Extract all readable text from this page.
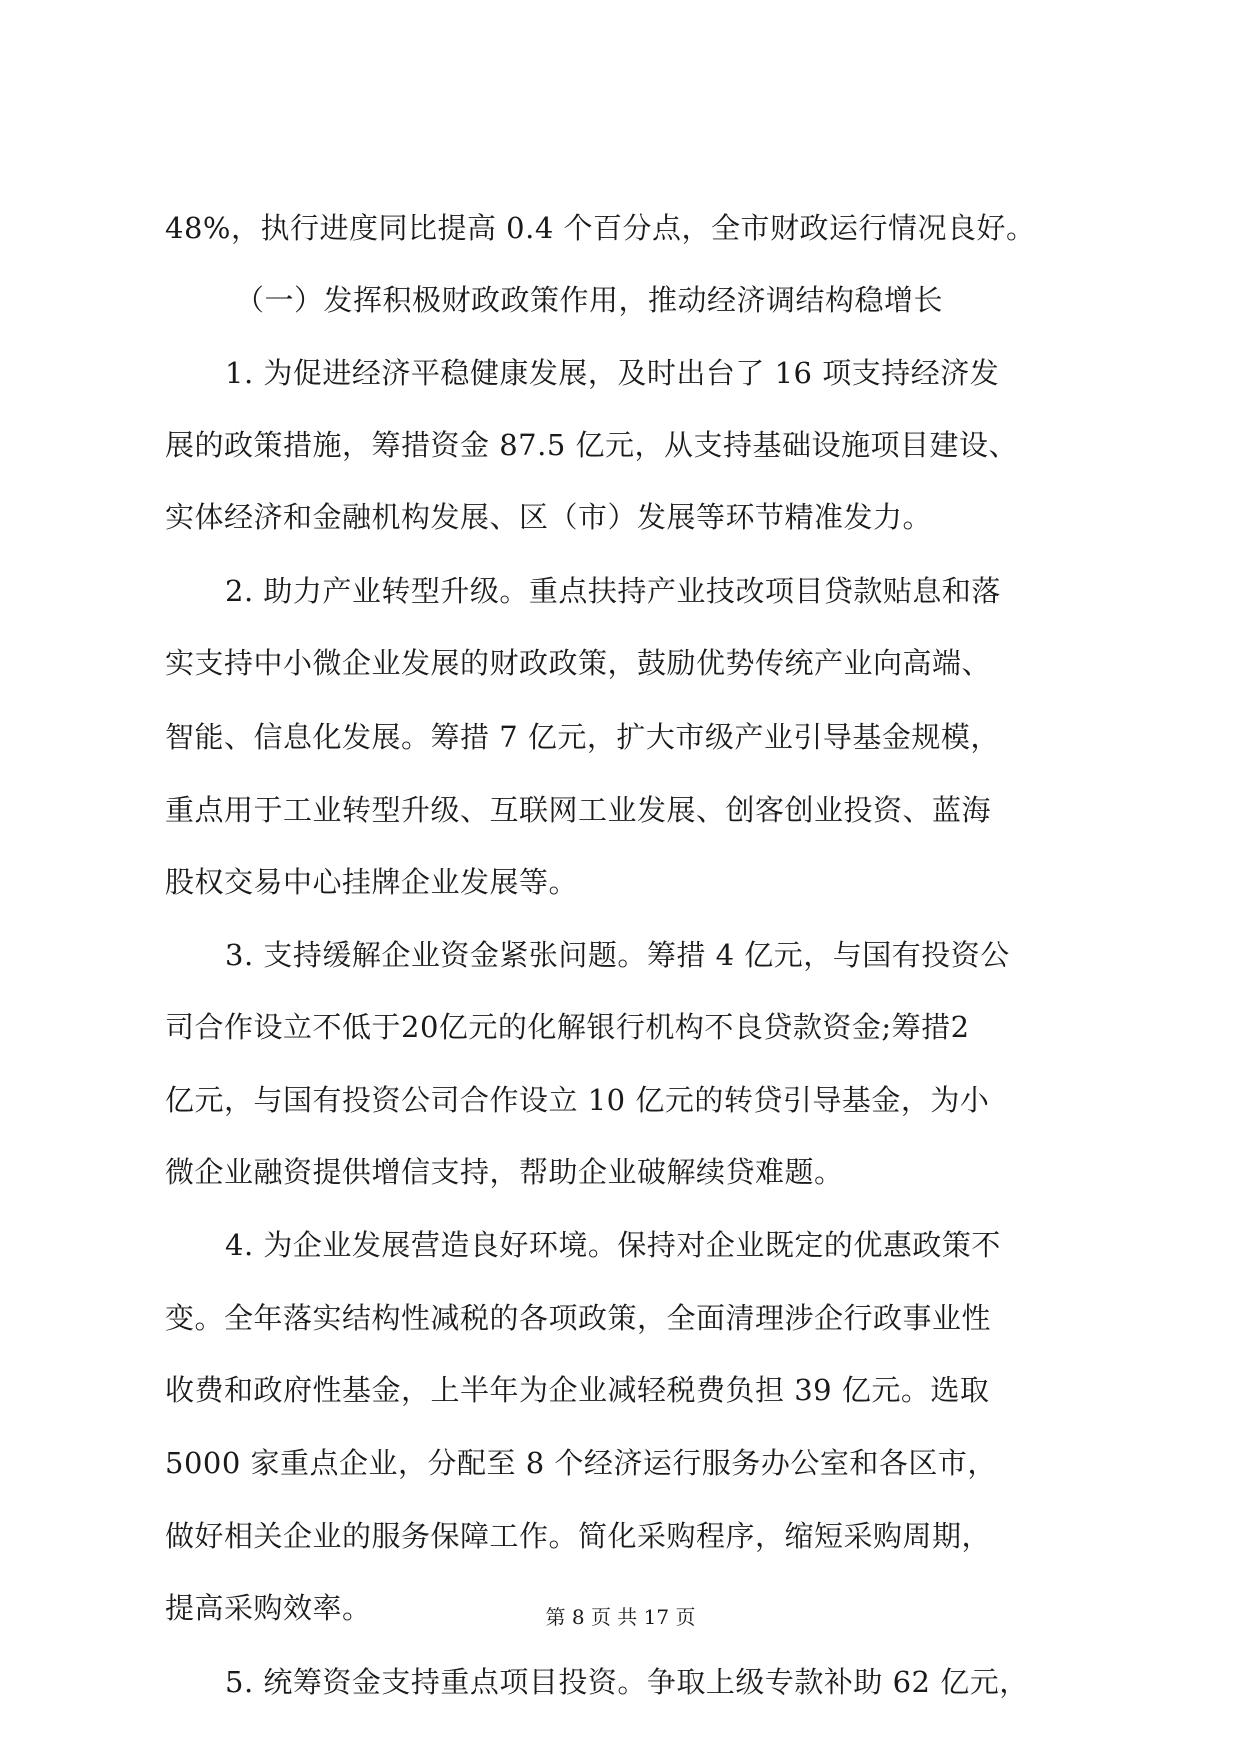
48%，执行进度同比提高 0.4 个百分点，全市财政运行情况良好。
（一）发挥积极财政政策作用，推动经济调结构稳增长
1. 为促进经济平稳健康发展，及时出台了 16 项支持经济发
展的政策措施，筹措资金 87.5 亿元，从支持基础设施项目建设、
实体经济和金融机构发展、区（市）发展等环节精准发力。
2. 助力产业转型升级。重点扶持产业技改项目贷款贴息和落
实支持中小微企业发展的财政政策，鼓励优势传统产业向高端、
智能、信息化发展。筹措 7 亿元，扩大市级产业引导基金规模，
重点用于工业转型升级、互联网工业发展、创客创业投资、蓝海
股权交易中心挂牌企业发展等。
3. 支持缓解企业资金紧张问题。筹措 4 亿元，与国有投资公
司合作设立不低于20亿元的化解银行机构不良贷款资金;筹措2
亿元，与国有投资公司合作设立 10 亿元的转贷引导基金，为小
微企业融资提供增信支持，帮助企业破解续贷难题。
4. 为企业发展营造良好环境。保持对企业既定的优惠政策不
变。全年落实结构性减税的各项政策，全面清理涉企行政事业性
收费和政府性基金，上半年为企业减轻税费负担 39 亿元。选取
5000 家重点企业，分配至 8 个经济运行服务办公室和各区市，
做好相关企业的服务保障工作。简化采购程序，缩短采购周期，
提高采购效率。
5. 统筹资金支持重点项目投资。争取上级专款补助 62 亿元，
第 8 页 共 17 页
